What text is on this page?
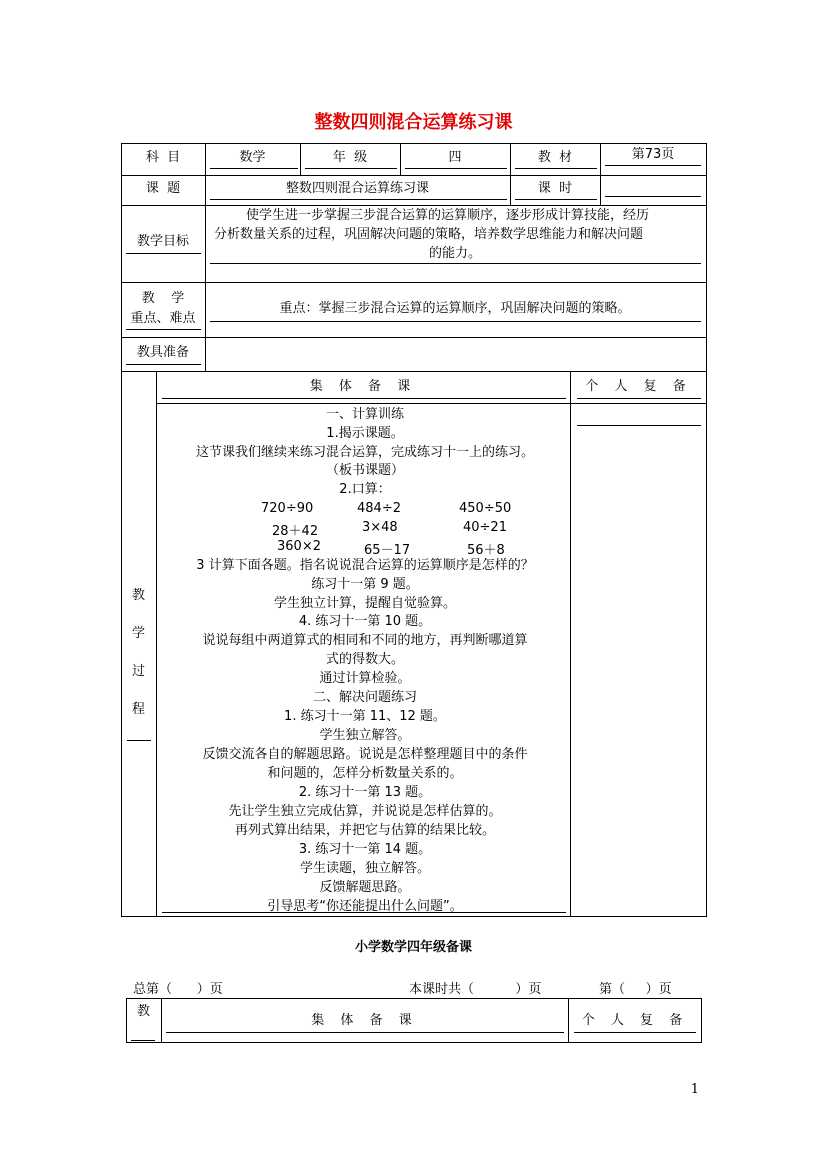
整数四则混合运算练习课
科  目	数学	年  级	四	教  材	第73页
课  题	整数四则混合运算练习课	课  时
教学目标
使学生进一步掌握三步混合运算的运算顺序，逐步形成计算技能，经历
分析数量关系的过程，巩固解决问题的策略，培养数学思维能力和解决问题
的能力。
教    学
重点、难点
重点：掌握三步混合运算的运算顺序，巩固解决问题的策略。
教具准备
集 体 备 课	个 人 复 备
教
学
过
程
一、计算训练
1.揭示课题。
这节课我们继续来练习混合运算，完成练习十一上的练习。
（板书课题）
2.口算：
720÷90	484÷2	450÷50
28＋42	3×48	40÷21
360×2	65－17	56＋8
3 计算下面各题。指名说说混合运算的运算顺序是怎样的？
练习十一第 9 题。
学生独立计算，提醒自觉验算。
4. 练习十一第 10 题。
说说每组中两道算式的相同和不同的地方，再判断哪道算
式的得数大。
通过计算检验。
二、解决问题练习
1. 练习十一第 11、12 题。
学生独立解答。
反馈交流各自的解题思路。说说是怎样整理题目中的条件
和问题的，怎样分析数量关系的。
2. 练习十一第 13 题。
先让学生独立完成估算，并说说是怎样估算的。
再列式算出结果，并把它与估算的结果比较。
3. 练习十一第 14 题。
学生读题，独立解答。
反馈解题思路。
引导思考“你还能提出什么问题”。
小学数学四年级备课
总第（      ）页	本课时共（          ）页	第（     ）页
教
集 体 备 课	个 人 复 备
1
